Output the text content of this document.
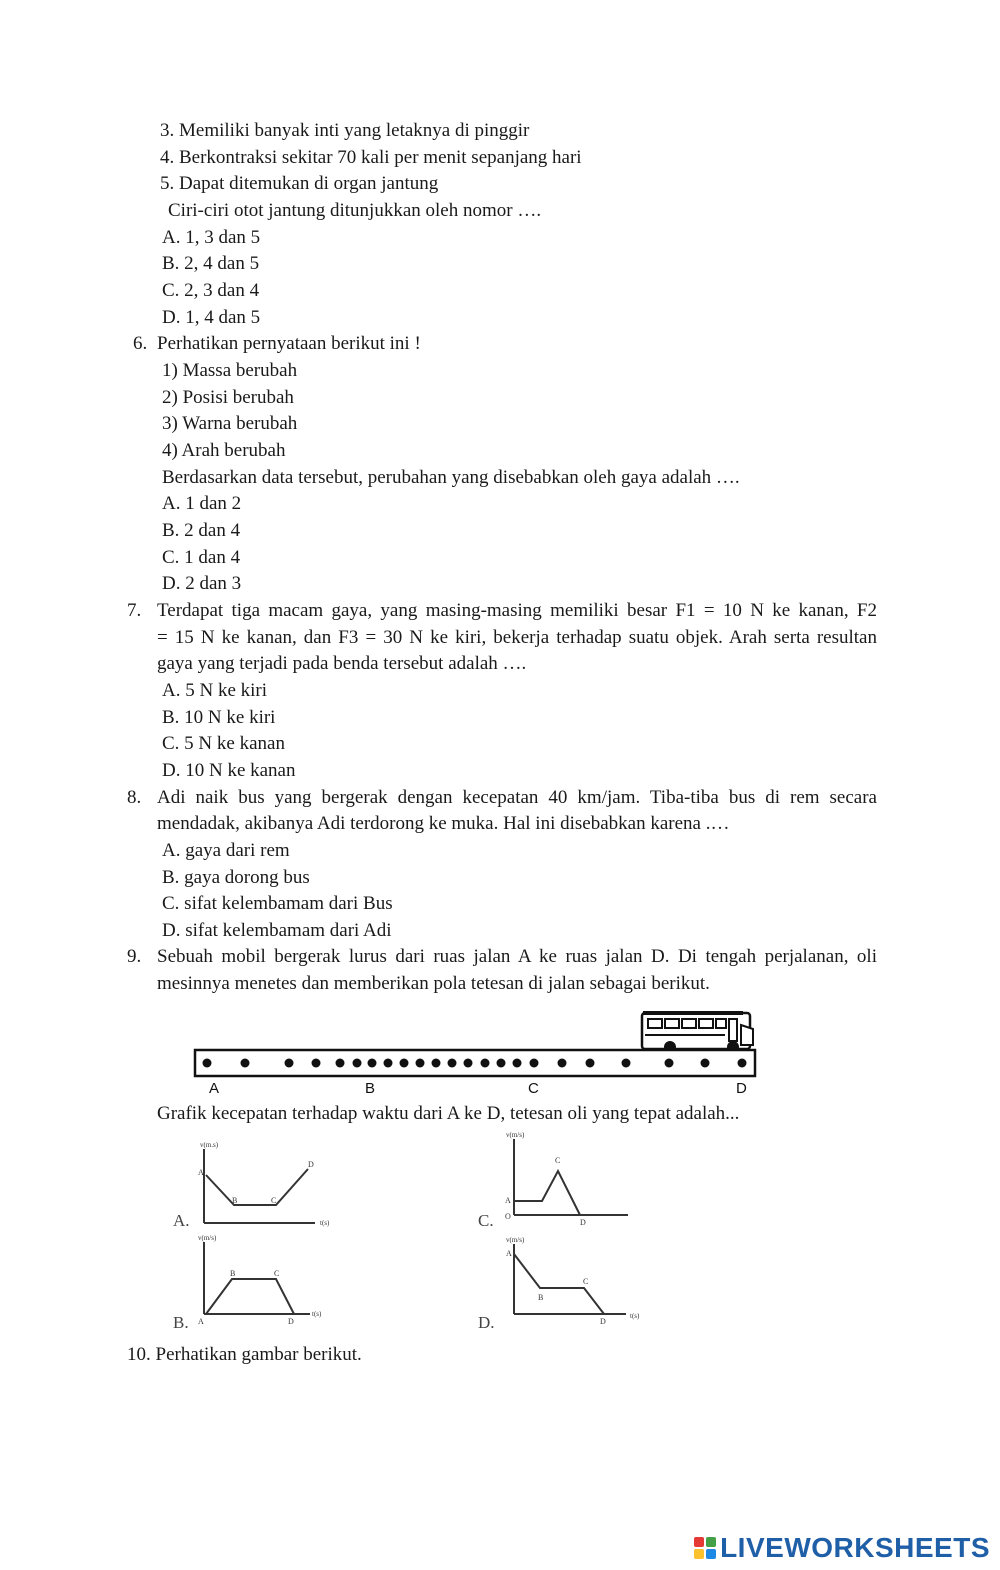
3. Memiliki banyak inti yang letaknya di pinggir
4. Berkontraksi sekitar 70 kali per menit sepanjang hari
5. Dapat ditemukan di organ jantung
Ciri-ciri otot jantung ditunjukkan oleh nomor ….
A. 1, 3 dan 5
B. 2, 4 dan 5
C. 2, 3 dan 4
D. 1, 4 dan 5
6. Perhatikan pernyataan berikut ini !
1) Massa berubah
2) Posisi berubah
3) Warna berubah
4) Arah berubah
Berdasarkan data tersebut, perubahan yang disebabkan oleh gaya adalah ….
A. 1 dan 2
B. 2 dan 4
C. 1 dan 4
D. 2 dan 3
7. Terdapat tiga macam gaya, yang masing-masing memiliki besar F1 = 10 N ke kanan, F2
= 15 N ke kanan, dan F3 = 30 N ke kiri, bekerja terhadap suatu objek. Arah serta resultan
gaya yang terjadi pada benda tersebut adalah ….
A. 5 N ke kiri
B. 10 N ke kiri
C. 5 N ke kanan
D. 10 N ke kanan
8. Adi naik bus yang bergerak dengan kecepatan 40 km/jam. Tiba-tiba bus di rem secara
mendadak, akibanya Adi terdorong ke muka. Hal ini disebabkan karena .…
A. gaya dari rem
B. gaya dorong bus
C. sifat kelembamam dari Bus
D. sifat kelembamam dari Adi
9. Sebuah mobil bergerak lurus dari ruas jalan A ke ruas jalan D. Di tengah perjalanan, oli
mesinnya menetes dan memberikan pola tetesan di jalan sebagai berikut.
A	B	C	D
Grafik kecepatan terhadap waktu dari A ke D, tetesan oli yang tepat adalah...
v(m.s)
t(s)
A
B	C
D
A.
v(m/s)
A
O
C
D
C.
v(m/s)
t(s)
A
B	C
D
B.
v(m/s)
t(s)
A
B
C
D
D.
10. Perhatikan gambar berikut.
LIVEWORKSHEETS
